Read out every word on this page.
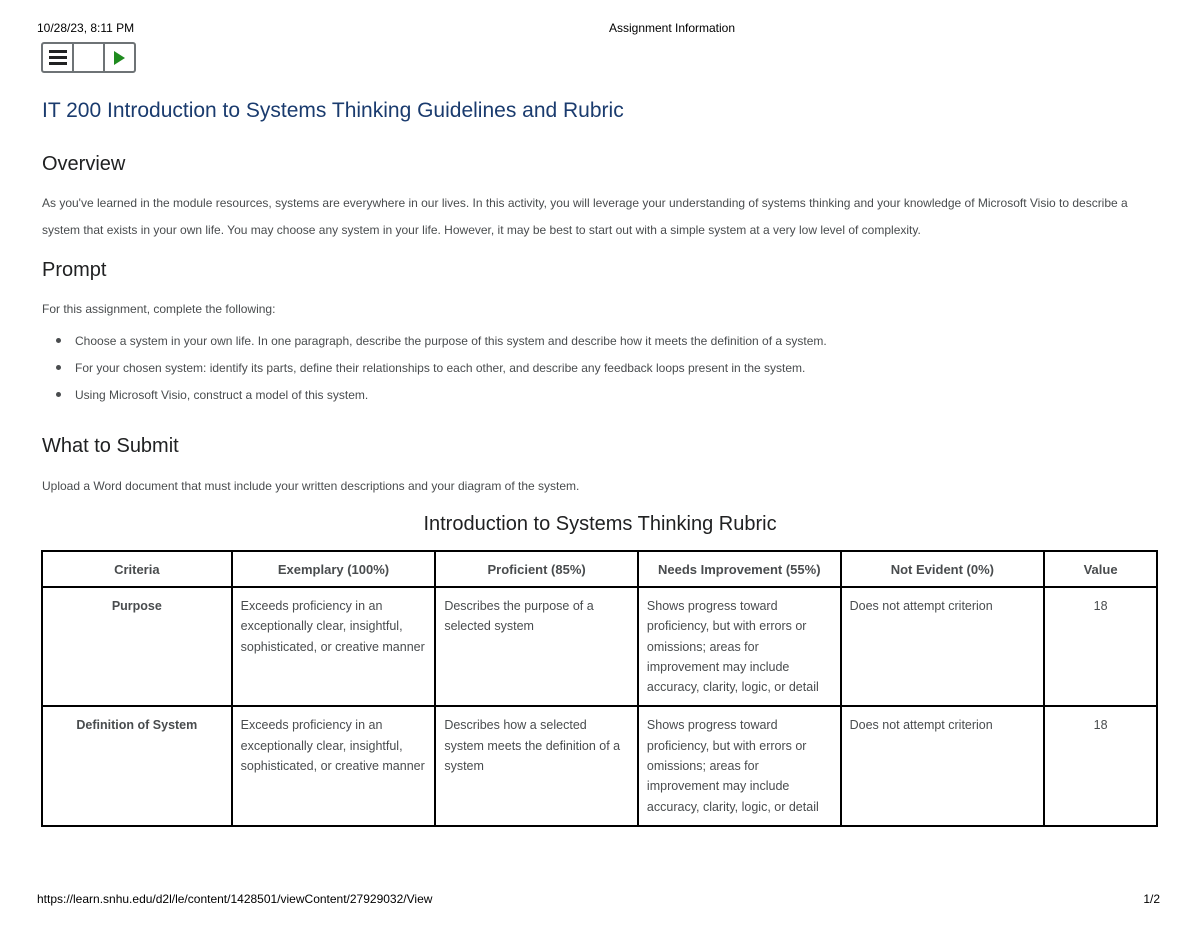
10/28/23, 8:11 PM	Assignment Information
IT 200 Introduction to Systems Thinking Guidelines and Rubric
Overview

As you've learned in the module resources, systems are everywhere in our lives. In this activity, you will leverage your understanding of systems thinking and your knowledge of Microsoft Visio to describe a system that exists in your own life. You may choose any system in your life. However, it may be best to start out with a simple system at a very low level of complexity.

Prompt

For this assignment, complete the following:

Choose a system in your own life. In one paragraph, describe the purpose of this system and describe how it meets the definition of a system.
For your chosen system: identify its parts, define their relationships to each other, and describe any feedback loops present in the system.
Using Microsoft Visio, construct a model of this system.
What to Submit

Upload a Word document that must include your written descriptions and your diagram of the system.

Introduction to Systems Thinking Rubric
Criteria	Exemplary (100%)	Proficient (85%)	Needs Improvement (55%)	Not Evident (0%)	Value
Purpose	Exceeds proficiency in an exceptionally clear, insightful, sophisticated, or creative manner	Describes the purpose of a selected system	Shows progress toward proficiency, but with errors or omissions; areas for improvement may include accuracy, clarity, logic, or detail	Does not attempt criterion	18
Definition of System	Exceeds proficiency in an exceptionally clear, insightful, sophisticated, or creative manner	Describes how a selected system meets the definition of a system	Shows progress toward proficiency, but with errors or omissions; areas for improvement may include accuracy, clarity, logic, or detail	Does not attempt criterion	18
https://learn.snhu.edu/d2l/le/content/1428501/viewContent/27929032/View	1/2
